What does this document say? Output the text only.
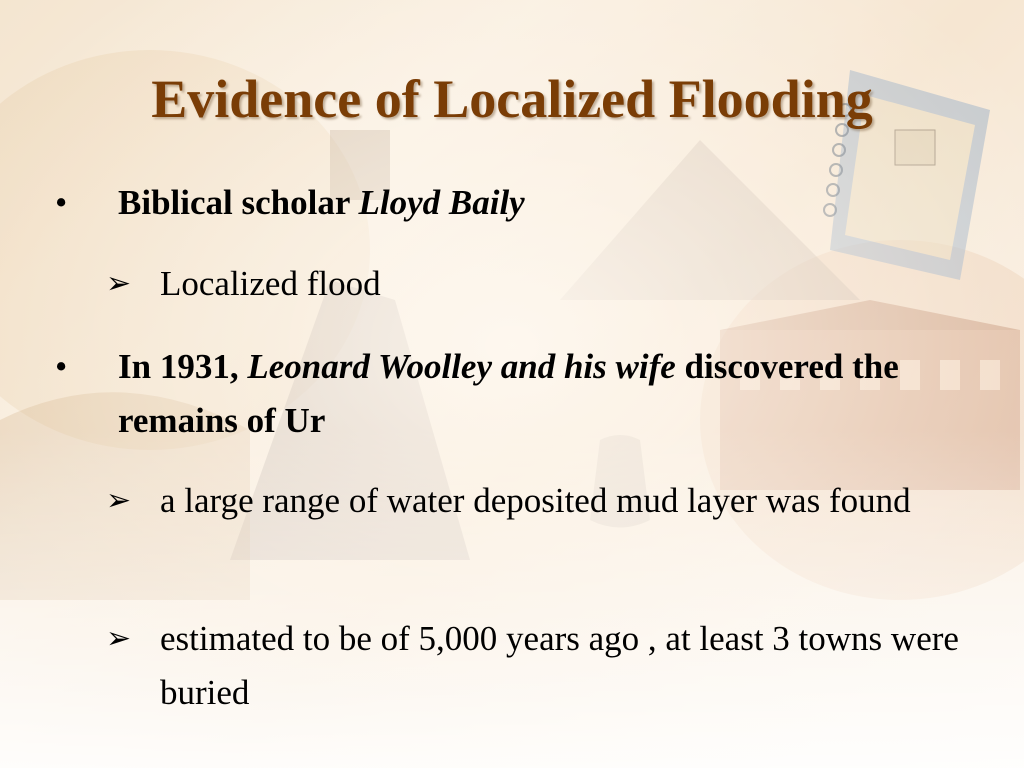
Evidence of Localized Flooding
• Biblical scholar Lloyd Baily

➢ Localized flood

• In 1931, Leonard Woolley and his wife discovered the remains of Ur

➢ a large range of water deposited mud layer was found

➢ estimated to be of 5,000 years ago , at least 3 towns were buried
